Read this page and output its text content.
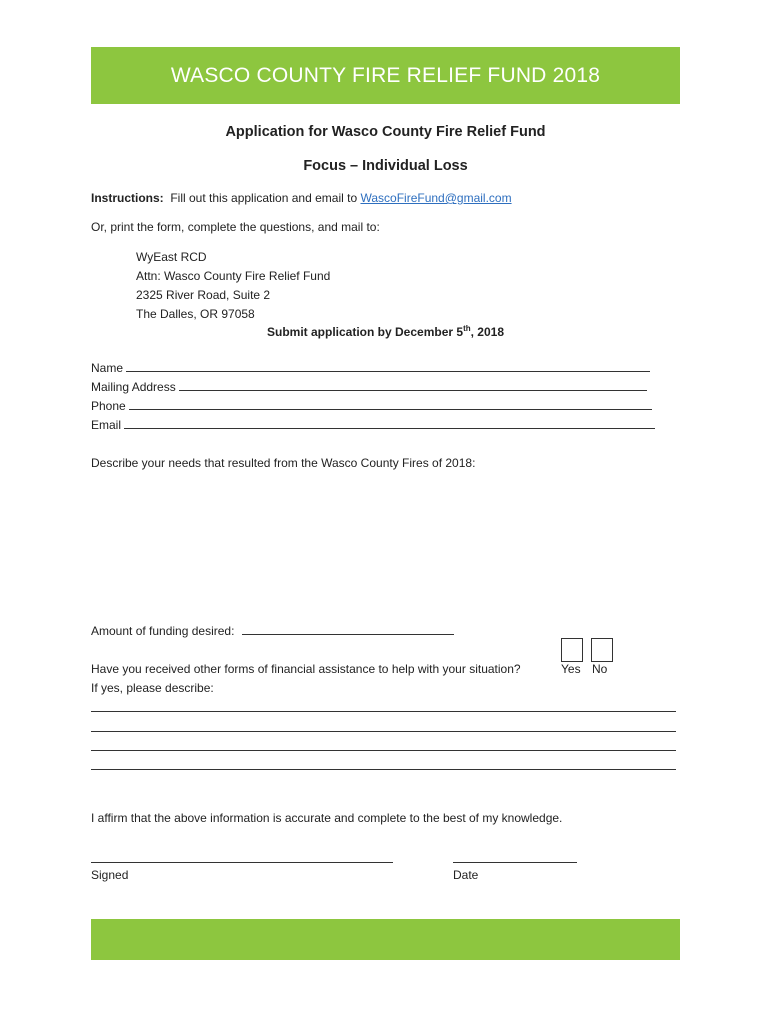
WASCO COUNTY FIRE RELIEF FUND 2018
Application for Wasco County Fire Relief Fund
Focus – Individual Loss
Instructions: Fill out this application and email to WascoFireFund@gmail.com
Or, print the form, complete the questions, and mail to:
WyEast RCD
Attn: Wasco County Fire Relief Fund
2325 River Road, Suite 2
The Dalles, OR 97058
Submit application by December 5th, 2018
Name
Mailing Address
Phone
Email
Describe your needs that resulted from the Wasco County Fires of 2018:
Amount of funding desired:
Have you received other forms of financial assistance to help with your situation?	Yes No
If yes, please describe:
I affirm that the above information is accurate and complete to the best of my knowledge.
Signed	Date
